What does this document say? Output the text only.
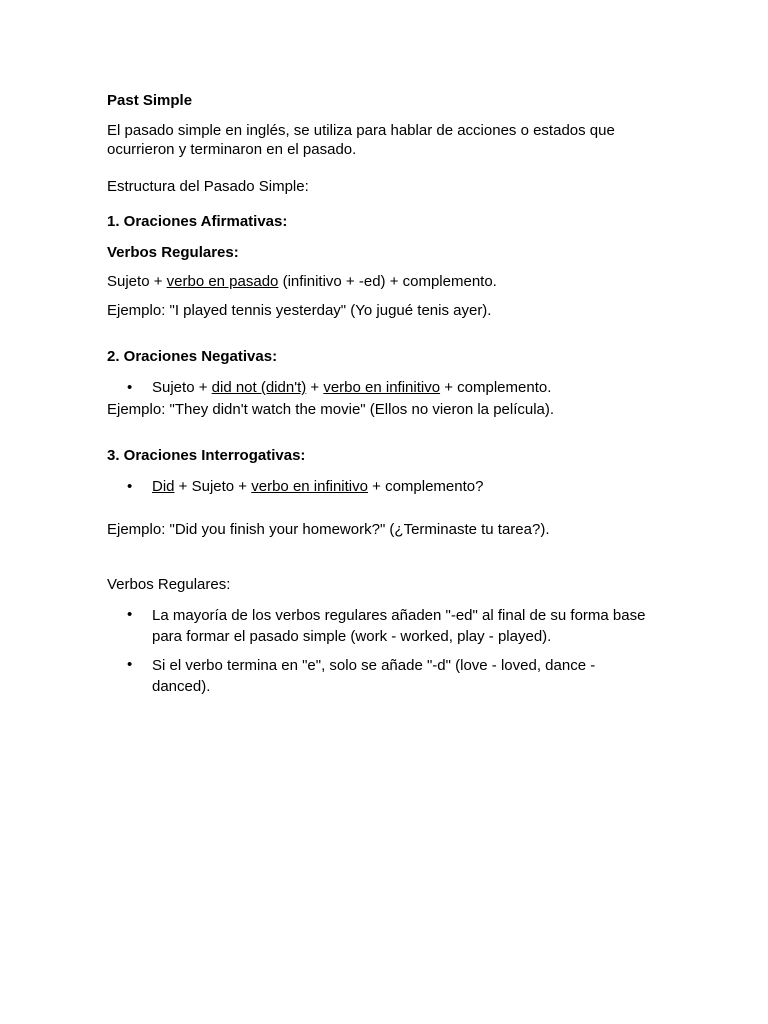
Past Simple
El pasado simple en inglés, se utiliza para hablar de acciones o estados que
ocurrieron y terminaron en el pasado.
Estructura del Pasado Simple:
1. Oraciones Afirmativas:
Verbos Regulares:
Sujeto + verbo en pasado (infinitivo + -ed) + complemento.
Ejemplo: "I played tennis yesterday" (Yo jugué tenis ayer).
2. Oraciones Negativas:
• Sujeto + did not (didn't) + verbo en infinitivo + complemento.
Ejemplo: "They didn't watch the movie" (Ellos no vieron la película).
3. Oraciones Interrogativas:
• Did + Sujeto + verbo en infinitivo + complemento?
Ejemplo: "Did you finish your homework?" (¿Terminaste tu tarea?).
Verbos Regulares:
• La mayoría de los verbos regulares añaden "-ed" al final de su forma base para formar el pasado simple (work - worked, play - played).
• Si el verbo termina en "e", solo se añade "-d" (love - loved, dance - danced).
